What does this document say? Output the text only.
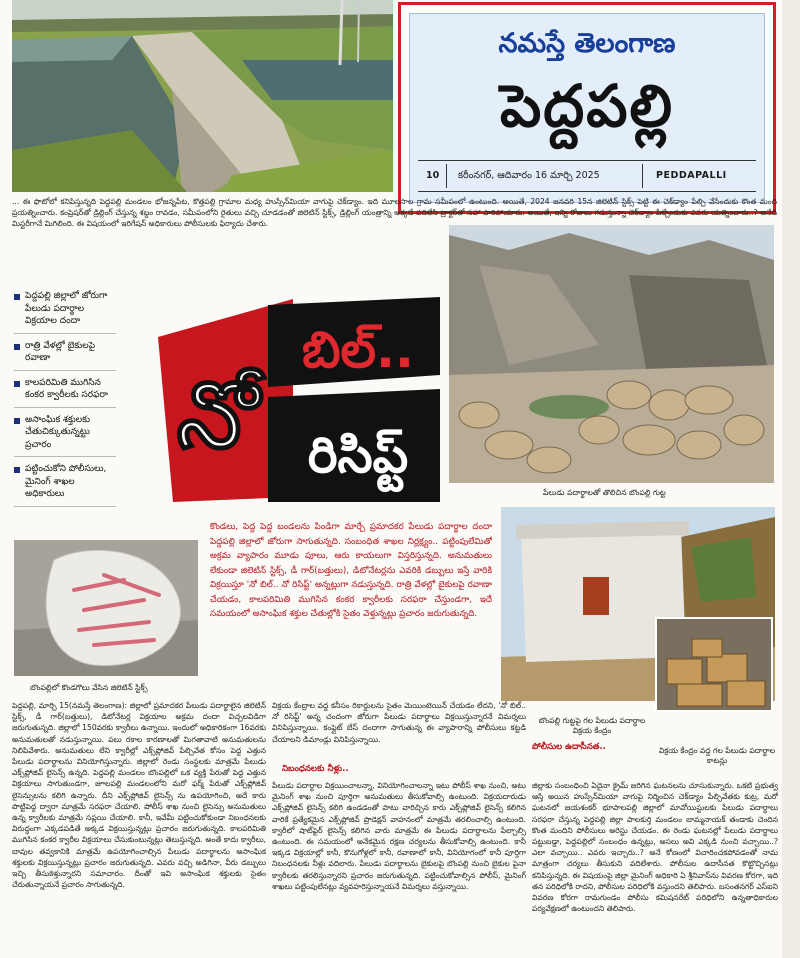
నమస్తే తెలంగాణ
పెద్దపల్లి
10 కరీంనగర్, ఆదివారం 16 మార్చి 2025	PEDDAPALLI
... ఈ ఫొటోలో కనిపిస్తున్నది పెద్దపల్లి మండలం భోజన్నపేట, కొత్తపల్లి గ్రామాల మధ్య హుస్సేన్‌మియా వాగుపై చెక్‌డ్యాం. ఇది మూలసాల గ్రామ సమీపంలో ఉంటుంది. అయితే, 2024 జనవరి 15న జిలెటిన్ స్టిక్స్ పెట్టి ఈ చెక్‌డ్యాం పేల్చి వేసేందుకు కొంత మంది ప్రయత్నించారు. కంప్రెషర్‌తో డ్రిల్లింగ్ చేస్తున్న శబ్దం రావడం, సమీపంలోని రైతులు వచ్చి చూడడంతో జిలెటిన్ స్టిక్స్, డ్రిల్లింగ్ యంత్రాన్ని అక్కడే వదిలేసి ట్రాక్టర్‌తో సహా పారిపోయారు. అయితే, ఇన్ని రోజులు గడుస్తున్నా చెక్‌డ్యాం పేల్చేందుకు ఎవరు యత్నించారు..? అనేది మిస్టరీగానే మిగిలింది. ఈ విషయంలో ఇరిగేషన్ అధికారులు పోలీసులకు ఫిర్యాదు చేశారు.
పెద్దపల్లి జిల్లాలో జోరుగా పేలుడు పదార్థాల విక్రయాల దందా
రాత్రి వేళల్లో బైకులపై రవాణా
కాలపరిమితి ముగిసిన కంకర క్వారీలకు సరఫరా
అసాంఘిక శక్తులకు చేతుచిక్కుతున్నట్టు ప్రచారం
పట్టించుకోని పోలీసులు, మైనింగ్ శాఖల అధికారులు
నో
బిల్..
రిసిప్ట్
పేలుడు పదార్థాలతో తొలిచిన బొంపల్లి గుట్ట
కొండలు, పెద్ద పెద్ద బండలను పిండిగా మార్చే ప్రమాదకర పేలుడు పదార్థాల దందా పెద్దపల్లి జిల్లాలో జోరుగా సాగుతున్నది. సంబంధిత శాఖల నిర్లక్ష్యం.. పట్టింపులేమితో అక్రమ వ్యాపారం మూడు పూలు, ఆరు కాయలుగా విస్తరిస్తున్నది. అనుమతులు లేకుండా జిలెటిన్ స్టిక్స్, డీ గార్(బత్తులు), డిటోనేటర్లను ఎవరికి డబ్బులు ఇస్తే వారికి విక్రయిస్తూ 'నో బిల్.. నో రిసిప్ట్' అన్నట్లుగా నడుస్తున్నది. రాత్రి వేళల్లో బైకులపై రవాణా చేయడం, కాలపరిమితి ముగిసిన కంకర క్వారీలకు సరఫరా చేస్తుండగా, ఇదే సమయంలో అసాంఘిక శక్తుల చేతుల్లోకి సైతం వెళ్తున్నట్లు ప్రచారం జరుగుతున్నది.
బొంపల్లిలో కొండగొలు వేసిన జిలెటిన్ స్టిక్స్
బొంపల్లి గుట్టపై గల పేలుడు పదార్థాల విక్రయ కేంద్రం
విక్రయ కేంద్రం వద్ద గల పేలుడు పదార్థాల కాటన్లు
పెద్దపల్లి, మార్చి 15(నమస్తే తెలంగాణ): జిల్లాలో ప్రమాదకర పేలుడు పదార్థాలైన జిలెటిన్ స్టిక్స్, డీ గార్(బత్తులు), డిటోనేటర్ల విక్రయాల అక్రమ దందా విచ్చలవిడిగా జరుగుతున్నది. జిల్లాలో 150వరకు క్వారీలు ఉన్నాయి. ఇందులో అధికారికంగా 16వరకు అనుమతులతో నడుస్తున్నాయి. పలు రకాల కారణాలతో మిగతావాటి అనుమతులను నిలిపివేశారు. అనుమతులు లేని క్వారీల్లో ఎక్స్‌ప్లోజివ్ పేల్చివేత కోసం పెద్ద ఎత్తున పేలుడు పదార్థాలను వినియోగిస్తున్నారు. జిల్లాలో రెండు సంస్థలకు మాత్రమే పేలుడు ఎక్స్‌ప్లోజివ్ లైసెన్స్ ఉన్నది. పెద్దపల్లి మండలం బొంపల్లిలో ఒక వ్యక్తి పేరుతో పెద్ద ఎత్తున విక్రయాలు సాగుతుండగా, జూలపల్లి మండలంలోని మరో ఫర్మ్ పేరుతో ఎక్స్‌ప్లోజివ్ లైసెన్సులను కలిగి ఉన్నారు. దీని ఎక్స్‌ప్లోజివ్ లైసెన్స్ ను ఉపయోగించి, అదే కారు పొట్టిపెద్ద ద్వారా మాత్రమే సరఫరా చేయాలి. పోలీస్ శాఖ నుంచి లైసెన్సు అనుమతులు ఉన్న క్వారీలకు మాత్రమే సప్లయి చేయాలి. కానీ, ఇవేమీ పట్టించుకోకుండా నిబంధనలకు విరుద్ధంగా ఎక్కడపడితే అక్కడ విక్రయిస్తున్నట్లు ప్రచారం జరుగుతున్నది. కాలపరిమితి ముగిసిన కంకర క్వారీల విక్రయాలు చేసుకుంటున్నట్లు తెలుస్తున్నది. అంతే కాదు క్వారీలు, బావుల తవ్వకానికి మాత్రమే ఉపయోగించాల్సిన పేలుడు పదార్థాలను అసాంఘిక శక్తులకు విక్రయిస్తున్నట్లు ప్రచారం జరుగుతున్నది. ఎవరు వచ్చి అడిగినా, వీరు డబ్బులు ఇచ్చి తీసుకెళ్తున్నారని సమాచారం. దీంతో ఇవి అసాంఘిక శక్తులకు సైతం చేరుతున్నాయనే ప్రచారం సాగుతున్నది.
విక్రయ కేంద్రాల వద్ద కనీసం రికార్డులను సైతం మెయింటెయిన్ చేయడం లేదని, 'నో బిల్.. నో రిసిప్ట్' అన్న చందంగా జోరుగా పేలుడు పదార్థాలు విక్రయిస్తున్నారనే విమర్శలు వినిపిస్తున్నాయి. కంప్లైట్ బేస్ దందాగా సాగుతున్న ఈ వ్యాపారాన్ని పోలీసులు కట్టడి చేయాలని డిమాండ్లు వినిపిస్తున్నాయి.
నిబంధనలకు నీళ్లు..
పేలుడు పదార్థాల విక్రయించాలన్నా, వినియోగించాలన్నా ఇటు పోలీస్ శాఖ నుంచి, అటు మైనింగ్ శాఖ నుంచి పూర్తిగా అనుమతులు తీసుకోవాల్సి ఉంటుంది. విక్రయదారుడు ఎక్స్‌ప్లోజివ్ లైసెన్స్ కలిగి ఉండడంతో పాటు వారిచ్చిన కారు ఎక్స్‌ప్లోజివ్ లైసెన్స్ కలిగిన వారికే ప్రత్యేకమైన ఎక్స్‌ప్లోజివ్ ప్రొడెక్షన్ వాహనంలో మాత్రమే తరలించాల్సి ఉంటుంది. క్వారీలో షాట్‌ఫైర్ లైసెన్స్ కలిగిన వారు మాత్రమే ఈ పేలుడు పదార్థాలను పేల్చాల్సి ఉంటుంది. ఈ సమయంలో అనేకమైన రక్షణ చర్యలను తీసుకోవాల్సి ఉంటుంది. కానీ ఇక్కడ విక్రయాల్లో కానీ, కొనుగోళ్లలో కానీ, రవాణాలో కానీ, వినియోగంలో కానీ పూర్తిగా నిబంధనలకు నీళ్లు వదిలారు. పేలుడు పదార్థాలను బైకులపై బొంపల్లి నుంచి బైకుల పైనా క్వారీలకు తరలిస్తున్నారని ప్రచారం జరుగుతున్నది. పట్టించుకోవాల్సిన పోలీస్, మైనింగ్ శాఖలు పట్టింపులేనట్లు వ్యవహరిస్తున్నాయనే విమర్శలు వస్తున్నాయి.
పోలీసుల ఉదాసీనత..
జిల్లాకు సంబంధించి ఏదైనా క్రైమ్ జరిగిన ఘటనలను చూసుకున్నారు. ఒకటి ప్రభుత్వ ఆస్తి అయిన హుస్సేన్‌మియా వాగుపై నిర్మించిన చెక్‌డ్యాం పేల్చివేతకు కుట్ర, మరో ఘటనలో జయశంకర్ భూపాలపల్లి జిల్లాలో మావోయిస్టులకు పేలుడు పదార్థాలు సరఫరా చేస్తున్న పెద్దపల్లి జిల్లా పాలకుర్తి మండలం బామ్మనాయక్ తండాకు చెందిన కొంత మందిని పోలీసులు అరెస్టు చేయడం. ఈ రెండు ఘటనల్లో పేలుడు పదార్థాలు పట్టుబడ్డా, పెద్దపల్లిలో సంబంధం ఉన్నట్లు, అసలు అవి ఎక్కడి నుంచి వచ్చాయి..? ఎలా వచ్చాయి.. ఎవరు ఇచ్చారు..? అనే కోణంలో విచారించకపోవడంతో నామ మాత్రంగా చర్యలు తీసుకుని వదిలేశారు. పోలీసుల ఉదాసీనత కొట్టొచ్చినట్లు కనిపిస్తున్నది. ఈ విషయంపై జిల్లా మైనింగ్ అధికారి ఏ శ్రీనివాస్‌ను వివరణ కోరగా, ఇది తన పరిధిలోకి రాదని, పోలీసుల పరిధిలోకి వస్తుందని తెలిపారు. బసంతనగర్ ఎస్ఐని వివరణ కోరగా రామగుండం పోలీసు కమిషనరేట్ పరిధిలోని ఉన్నతాధికారుల పర్యవేక్షణలో ఉంటుందని తెలిపారు.
